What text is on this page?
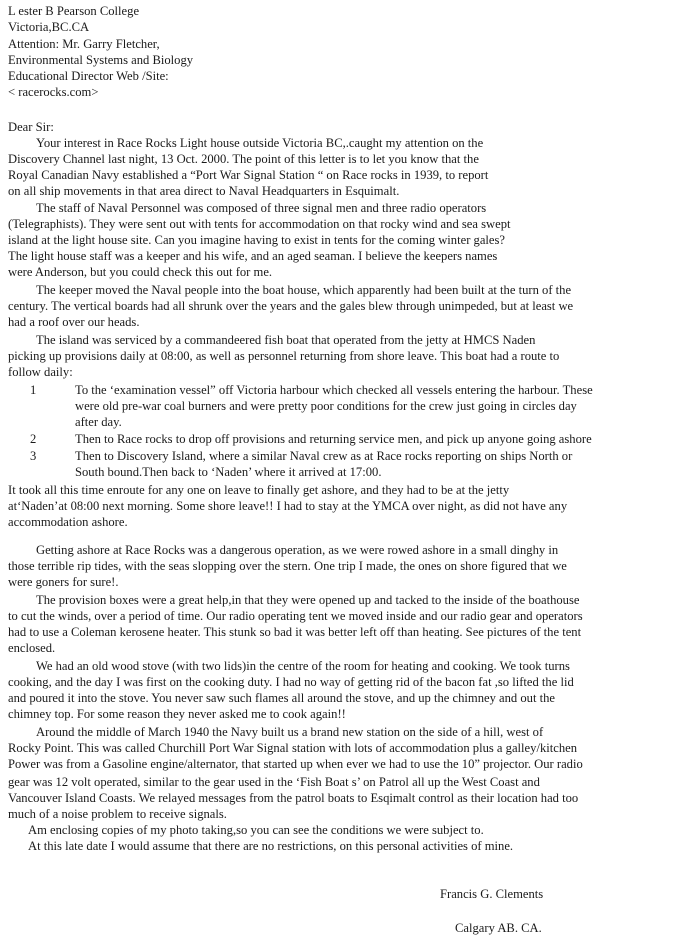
L ester B Pearson College
Victoria,BC.CA
Attention: Mr. Garry Fletcher,
Environmental Systems and Biology
Educational Director Web /Site:
< racerocks.com>
Dear Sir:
Your interest in Race Rocks Light house outside Victoria BC,.caught my attention on the
Discovery Channel last night, 13 Oct. 2000. The point of this letter is to let you know that the
Royal Canadian Navy established a “Port War Signal Station “ on Race rocks in 1939, to report
on all ship movements in that area direct to Naval Headquarters in Esquimalt.
The staff of Naval Personnel was composed of three signal men and three radio operators
(Telegraphists). They were sent out with tents for accommodation on that rocky wind and sea swept
island at the light house site. Can you imagine having to exist in tents for the coming winter gales?
The light house staff was a keeper and his wife, and an aged seaman. I believe the keepers names
were Anderson, but you could check this out for me.
The keeper moved the Naval people into the boat house, which apparently had been built at the turn of the
century. The vertical boards had all shrunk over the years and the gales blew through unimpeded, but at least we
had a roof over our heads.
The island was serviced by a commandeered fish boat that operated from the jetty at HMCS Naden
picking up provisions daily at 08:00, as well as personnel returning from shore leave. This boat had a route to
follow daily:
1	To the ‘examination vessel” off Victoria harbour which checked all vessels entering the harbour. These
were old pre-war coal burners and were pretty poor conditions for the crew just going in circles day
after day.
2	Then to Race rocks to drop off provisions and returning service men, and pick up anyone going ashore
3	Then to Discovery Island, where a similar Naval crew as at Race rocks reporting on ships North or
South bound.Then back to ‘Naden’ where it arrived at 17:00.
It took all this time enroute for any one on leave to finally get ashore, and they had to be at the jetty
at‘Naden’at 08:00 next morning. Some shore leave!! I had to stay at the YMCA over night, as did not have any
accommodation ashore.
Getting ashore at Race Rocks was a dangerous operation, as we were rowed ashore in a small dinghy in
those terrible rip tides, with the seas slopping over the stern. One trip I made, the ones on shore figured that we
were goners for sure!.
The provision boxes were a great help,in that they were opened up and tacked to the inside of the boathouse
to cut the winds, over a period of time. Our radio operating tent we moved inside and our radio gear and operators
had to use a Coleman kerosene heater. This stunk so bad it was better left off than heating. See pictures of the tent
enclosed.
We had an old wood stove (with two lids)in the centre of the room for heating and cooking. We took turns
cooking, and the day I was first on the cooking duty. I had no way of getting rid of the bacon fat ,so lifted the lid
and poured it into the stove. You never saw such flames all around the stove, and up the chimney and out the
chimney top. For some reason they never asked me to cook again!!
Around the middle of March 1940 the Navy built us a brand new station on the side of a hill, west of
Rocky Point. This was called Churchill Port War Signal station with lots of accommodation plus a galley/kitchen
Power was from a Gasoline engine/alternator, that started up when ever we had to use the 10” projector. Our radio
gear was 12 volt operated, similar to the gear used in the ‘Fish Boat s’ on Patrol all up the West Coast and
Vancouver Island Coasts. We relayed messages from the patrol boats to Esqimalt control as their location had too
much of a noise problem to receive signals.
Am enclosing copies of my photo taking,so you can see the conditions we were subject to.
At this late date I would assume that there are no restrictions, on this personal activities of mine.
Francis G. Clements
Calgary AB. CA.
